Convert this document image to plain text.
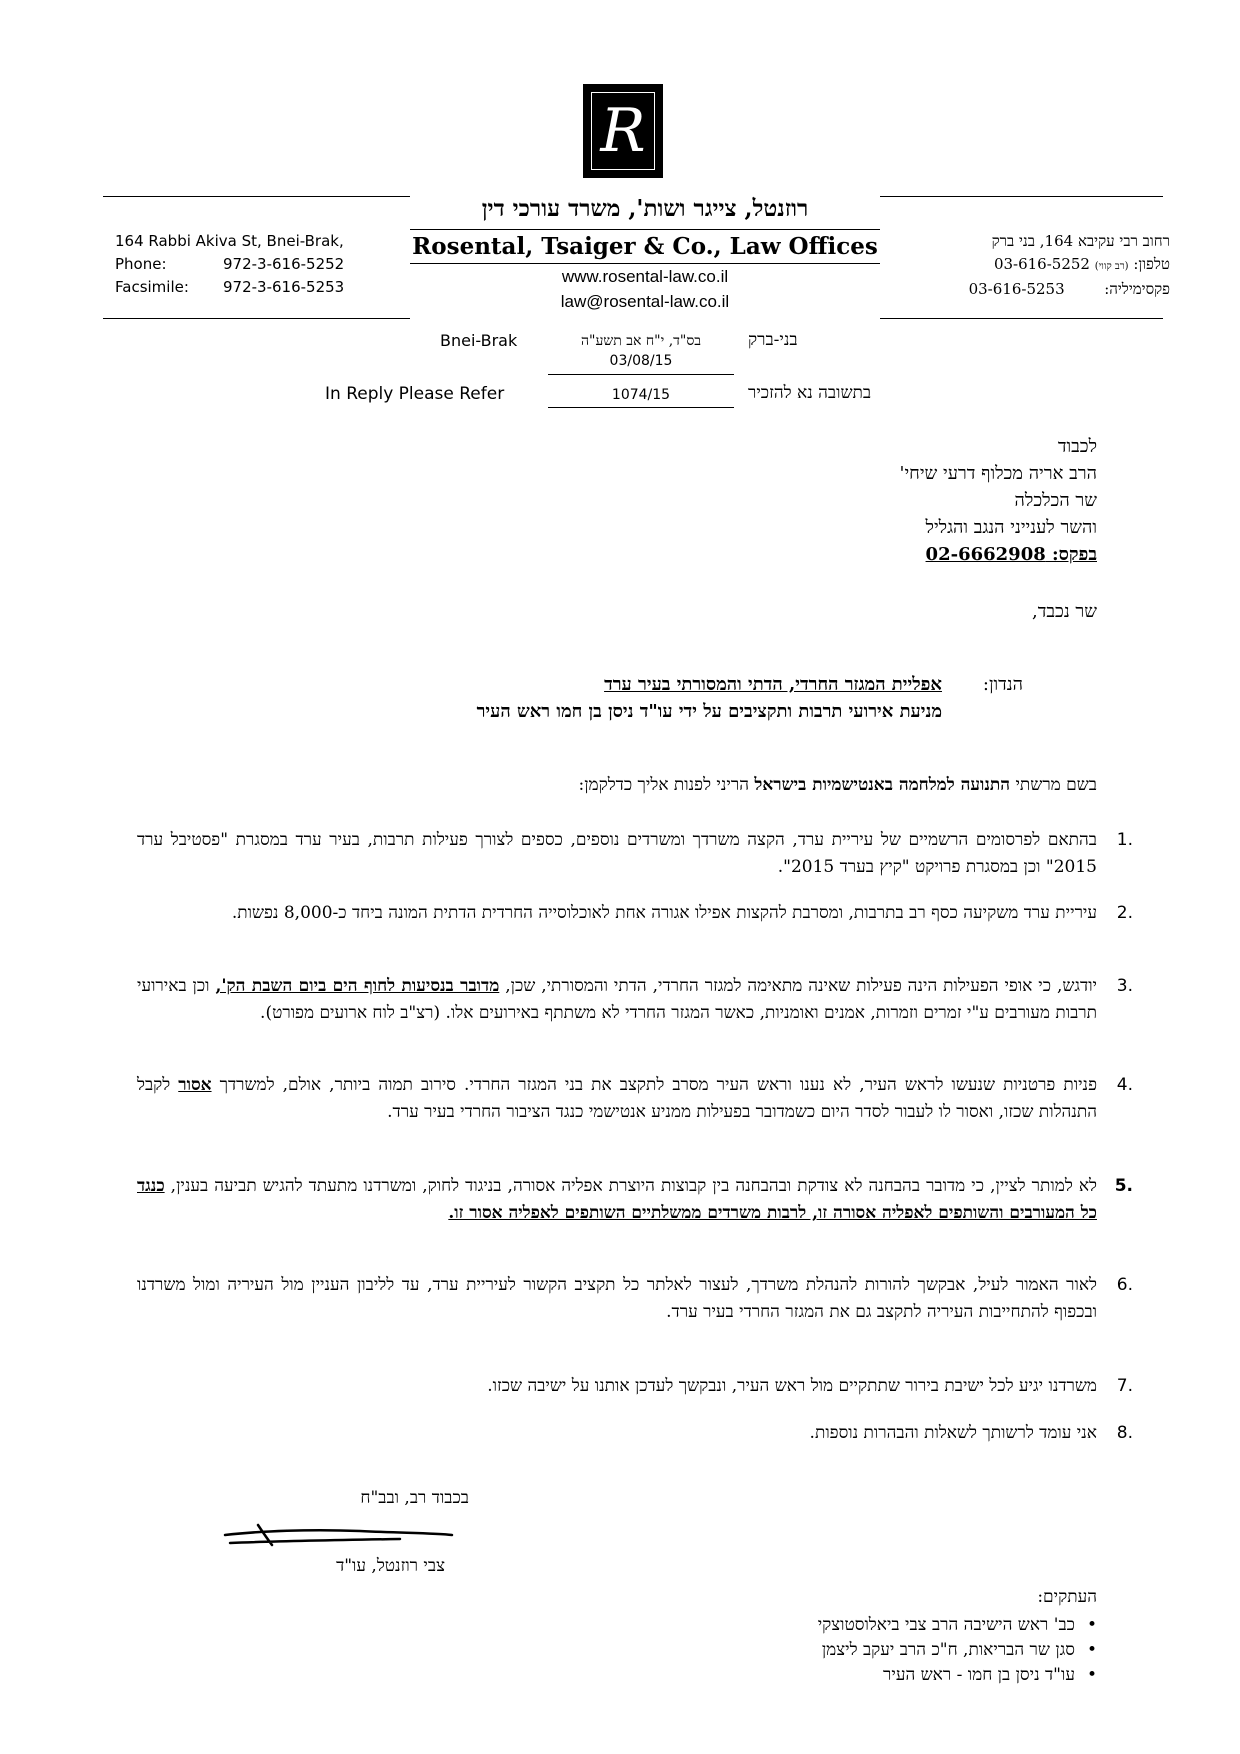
R
164 Rabbi Akiva St, Bnei-Brak,
Phone:	972-3-616-5252
Facsimile: 972-3-616-5253
רוזנטל, צייגר ושות', משרד עורכי דין
Rosental, Tsaiger & Co., Law Offices
www.rosental-law.co.il
law@rosental-law.co.il
רחוב רבי עקיבא 164, בני ברק
טלפון: (רב קווי) 03-616-5252
פקסימיליה:  03-616-5253
Bnei-Brak	בס"ד, י"ח אב תשע"ה
03/08/15
בני-ברק
In Reply Please Refer	1074/15	בתשובה נא להזכיר
לכבוד
הרב אריה מכלוף דרעי שיחי'
שר הכלכלה
והשר לענייני הנגב והגליל
בפקס: 02-6662908
שר נכבד,
הנדון:
אפליית המגזר החרדי, הדתי והמסורתי בעיר ערד
מניעת אירועי תרבות ותקציבים על ידי עו"ד ניסן בן חמו ראש העיר
בשם מרשתי התנועה למלחמה באנטישמיות בישראל הריני לפנות אליך כדלקמן:
1.
בהתאם לפרסומים הרשמיים של עיריית ערד, הקצה משרדך ומשרדים נוספים, כספים לצורך פעילות תרבות, בעיר ערד במסגרת "פסטיבל ערד 2015" וכן במסגרת פרויקט "קיץ בערד 2015".
2.
עיריית ערד משקיעה כסף רב בתרבות, ומסרבת להקצות אפילו אגורה אחת לאוכלוסייה החרדית הדתית המונה ביחד כ-8,000 נפשות.
3.
יודגש, כי אופי הפעילות הינה פעילות שאינה מתאימה למגזר החרדי, הדתי והמסורתי, שכן, מדובר בנסיעות לחוף הים ביום השבת הק', וכן באירועי תרבות מעורבים ע"י זמרים וזמרות, אמנים ואומניות, כאשר המגזר החרדי לא משתתף באירועים אלו. (רצ"ב לוח ארועים מפורט).
4.
פניות פרטניות שנעשו לראש העיר, לא נענו וראש העיר מסרב לתקצב את בני המגזר החרדי. סירוב תמוה ביותר, אולם, למשרדך אסור לקבל התנהלות שכזו, ואסור לו לעבור לסדר היום כשמדובר בפעילות ממניע אנטישמי כנגד הציבור החרדי בעיר ערד.
5.
לא למותר לציין, כי מדובר בהבחנה לא צודקת ובהבחנה בין קבוצות היוצרת אפליה אסורה, בניגוד לחוק, ומשרדנו מתעתד להגיש תביעה בענין, כנגד כל המעורבים והשותפים לאפליה אסורה זו, לרבות משרדים ממשלתיים השותפים לאפליה אסור זו.
6.
לאור האמור לעיל, אבקשך להורות להנהלת משרדך, לעצור לאלתר כל תקציב הקשור לעיריית ערד, עד לליבון העניין מול העיריה ומול משרדנו ובכפוף להתחייבות העיריה לתקצב גם את המגזר החרדי בעיר ערד.
7.
משרדנו יגיע לכל ישיבת בירור שתתקיים מול ראש העיר, ונבקשך לעדכן אותנו על ישיבה שכזו.
8.
אני עומד לרשותך לשאלות והבהרות נוספות.
בכבוד רב, ובב"ח
צבי רוזנטל, עו"ד
העתקים:
•כב' ראש הישיבה הרב צבי ביאלוסטוצקי
•סגן שר הבריאות, ח"כ הרב יעקב ליצמן
•עו"ד ניסן בן חמו - ראש העיר
